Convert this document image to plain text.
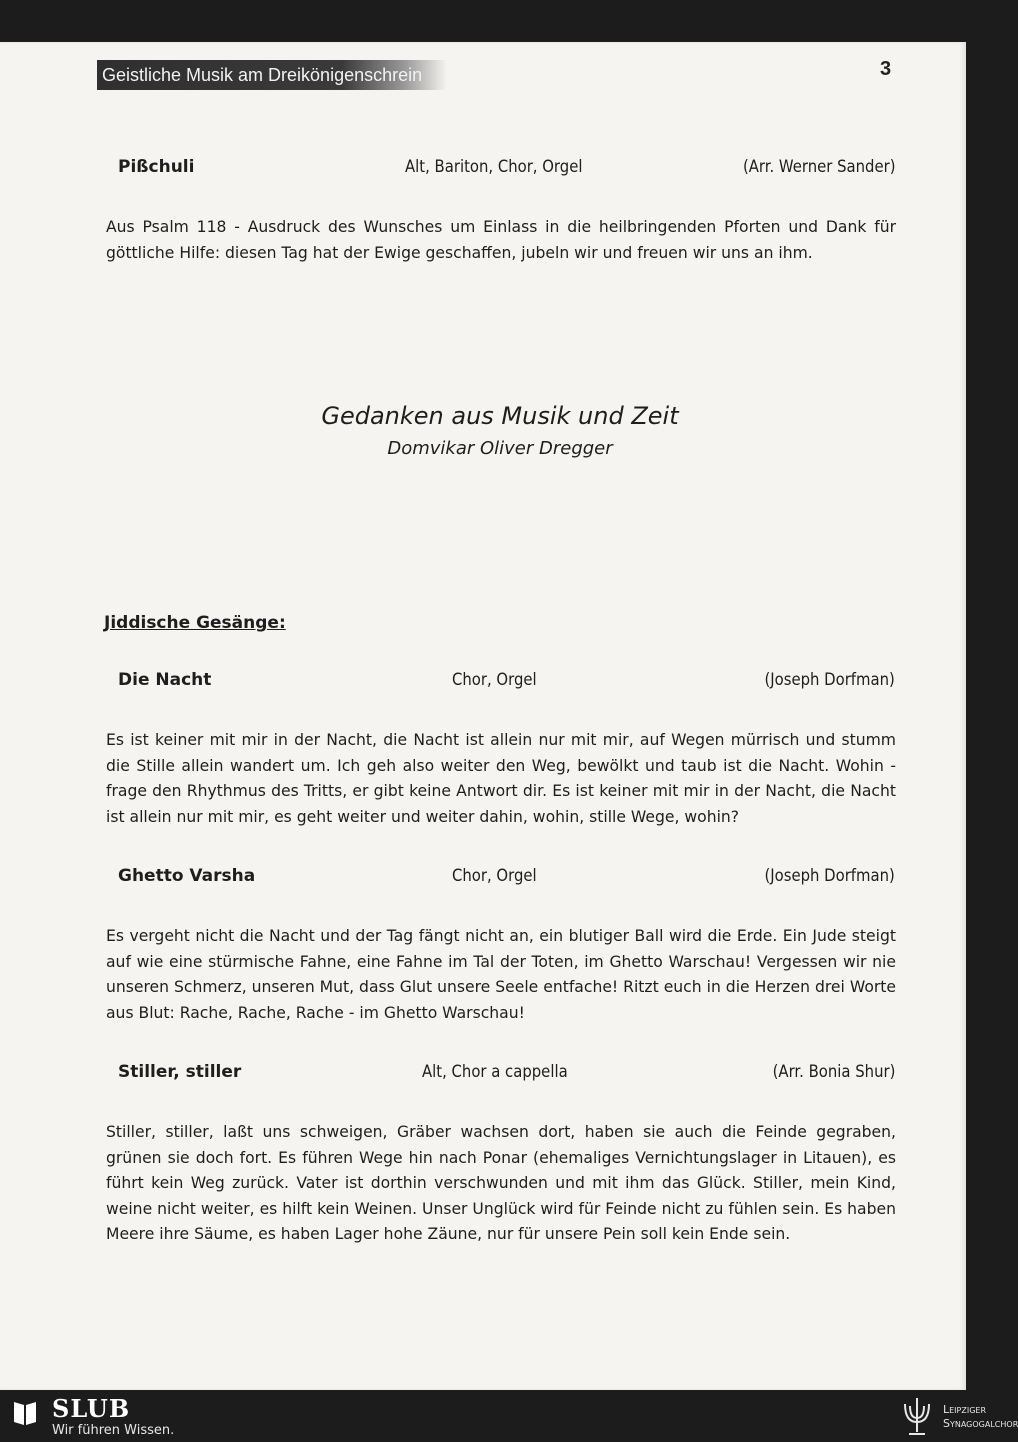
Geistliche Musik am Dreikönigenschrein	3
Pißchuli	Alt, Bariton, Chor, Orgel	(Arr. Werner Sander)

Aus Psalm 118 - Ausdruck des Wunsches um Einlass in die heilbringenden Pforten und Dank für göttliche Hilfe: diesen Tag hat der Ewige geschaffen, jubeln wir und freuen wir uns an ihm.

Gedanken aus Musik und Zeit
Domvikar Oliver Dregger
Jiddische Gesänge:
Die Nacht	Chor, Orgel	(Joseph Dorfman)

Es ist keiner mit mir in der Nacht, die Nacht ist allein nur mit mir, auf Wegen mürrisch und stumm die Stille allein wandert um. Ich geh also weiter den Weg, bewölkt und taub ist die Nacht. Wohin - frage den Rhythmus des Tritts, er gibt keine Antwort dir. Es ist keiner mit mir in der Nacht, die Nacht ist allein nur mit mir, es geht weiter und weiter dahin, wohin, stille Wege, wohin?

Ghetto Varsha	Chor, Orgel	(Joseph Dorfman)

Es vergeht nicht die Nacht und der Tag fängt nicht an, ein blutiger Ball wird die Erde. Ein Jude steigt auf wie eine stürmische Fahne, eine Fahne im Tal der Toten, im Ghetto Warschau! Vergessen wir nie unseren Schmerz, unseren Mut, dass Glut unsere Seele entfache! Ritzt euch in die Herzen drei Worte aus Blut: Rache, Rache, Rache - im Ghetto Warschau!

Stiller, stiller	Alt, Chor a cappella	(Arr. Bonia Shur)

Stiller, stiller, laßt uns schweigen, Gräber wachsen dort, haben sie auch die Feinde gegraben, grünen sie doch fort. Es führen Wege hin nach Ponar (ehemaliges Vernichtungslager in Litauen), es führt kein Weg zurück. Vater ist dorthin verschwunden und mit ihm das Glück. Stiller, mein Kind, weine nicht weiter, es hilft kein Weinen. Unser Unglück wird für Feinde nicht zu fühlen sein. Es haben Meere ihre Säume, es haben Lager hohe Zäune, nur für unsere Pein soll kein Ende sein.

SLUB
Wir führen Wissen.
Leipziger
Synagogalchor
